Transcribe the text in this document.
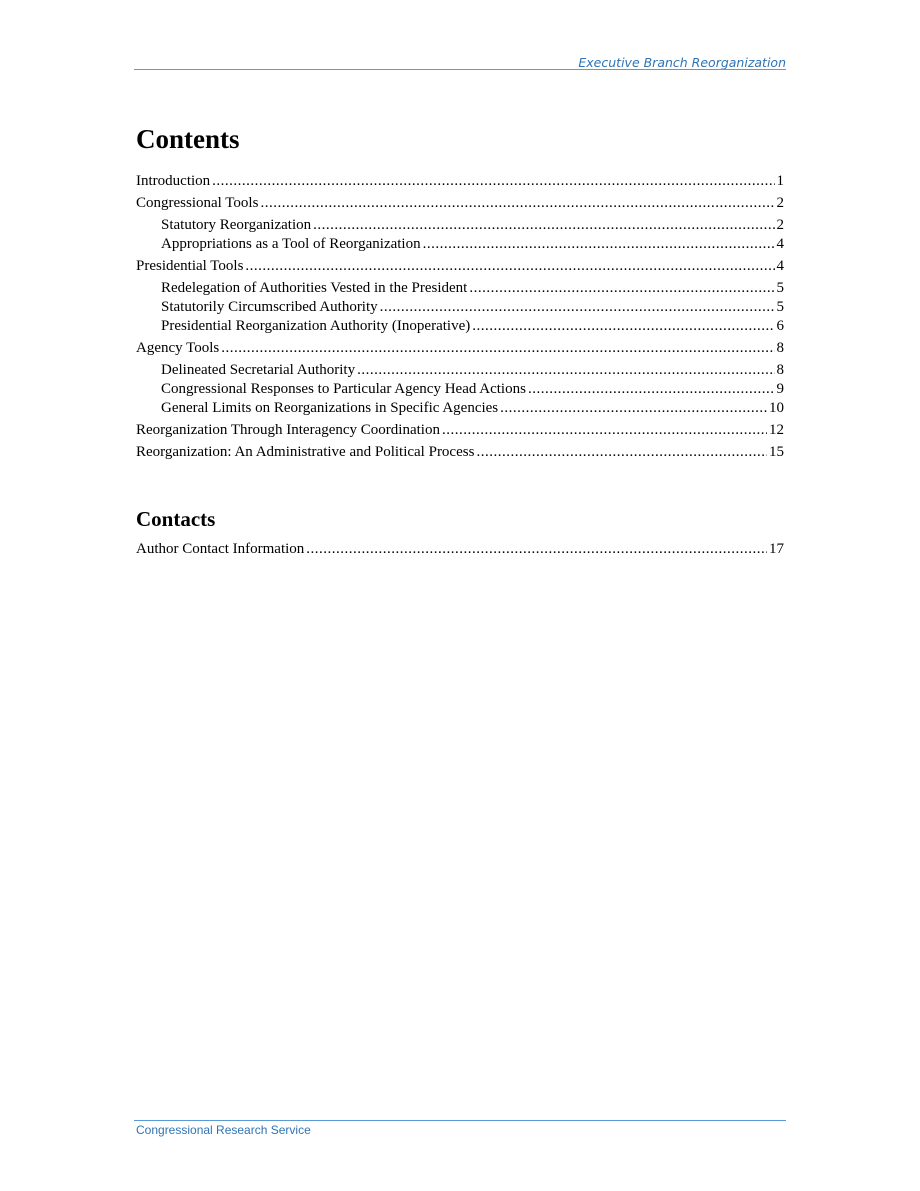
Executive Branch Reorganization
Contents
Introduction .....	1
Congressional Tools .....	2
Statutory Reorganization .....	2
Appropriations as a Tool of Reorganization .....	4
Presidential Tools .....	4
Redelegation of Authorities Vested in the President .....	5
Statutorily Circumscribed Authority .....	5
Presidential Reorganization Authority (Inoperative) .....	6
Agency Tools .....	8
Delineated Secretarial Authority .....	8
Congressional Responses to Particular Agency Head Actions .....	9
General Limits on Reorganizations in Specific Agencies .....	10
Reorganization Through Interagency Coordination .....	12
Reorganization: An Administrative and Political Process .....	15
Contacts
Author Contact Information .....	17
Congressional Research Service
